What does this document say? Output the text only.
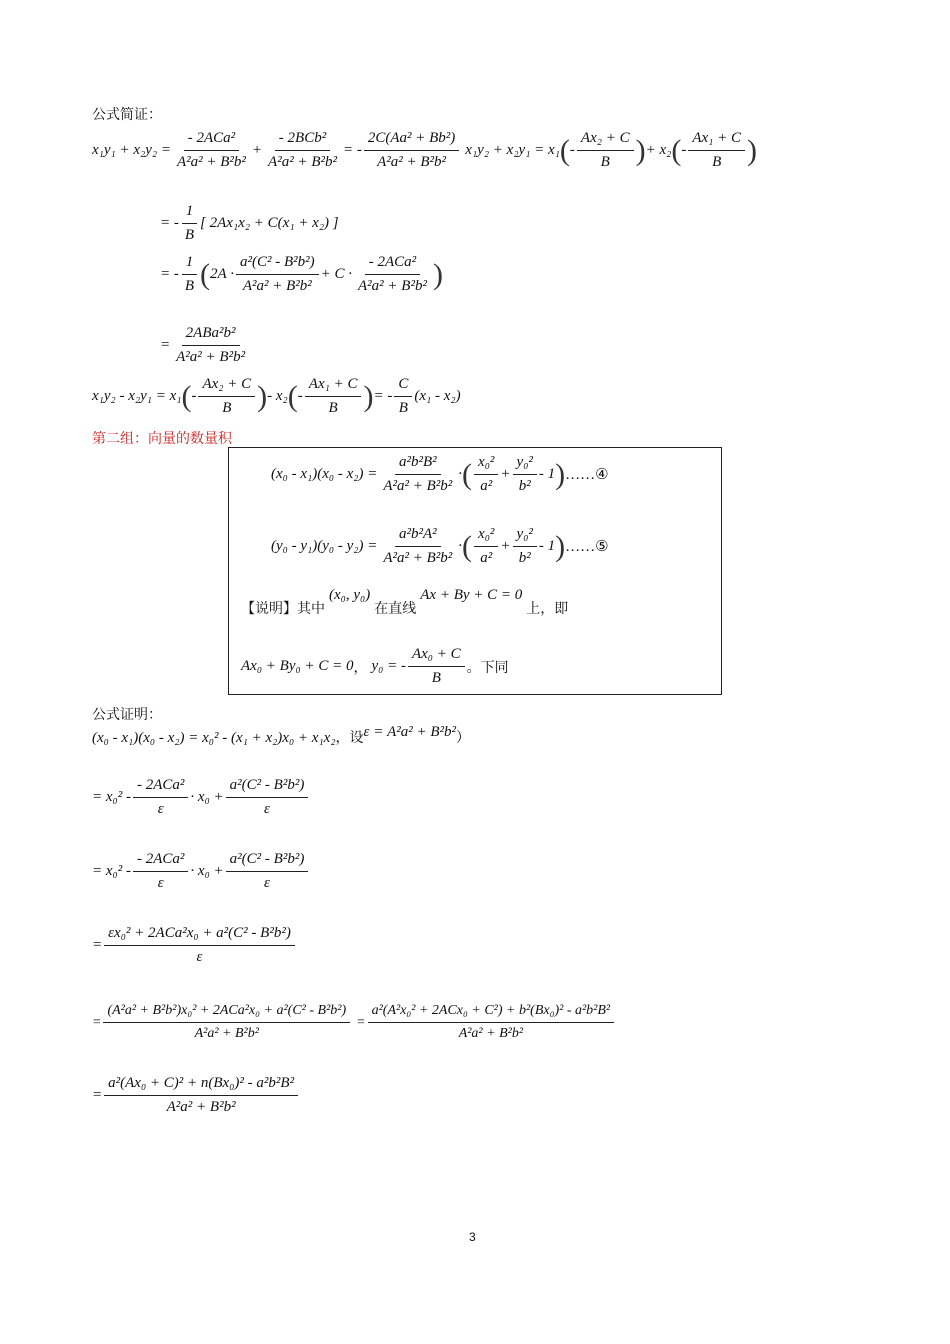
公式简证：
$x_1y_1 + x_2y_2 = \frac{\text{- 2ACa²}}{\text{A²a² + B²b²}} + \frac{\text{- 2BCb²}}{\text{A²a² + B²b²}}$ = - $\frac{\text{2C(Aa² + Bb²)}}{\text{A²a² + B²b²}} x_1y_2 + x_2y_1 = x_1$ ( - $\frac{\text{Ax₂ + C}}{B}$ ) + x₂ ( - $\frac{\text{Ax₁ + C}}{B}$ )
= - $\frac{1}{B}$ [ 2Ax₁x₂ + C(x₁ + x₂) ]
= - $\frac{1}{B}$ ( $2A \cdot \frac{\text{a²(C² - B²b²)}}{\text{A²a² + B²b²}} + C \cdot \frac{\text{- 2ACa²}}{\text{A²a² + B²b²}}$ )
= $\frac{\text{2ABa²b²}}{\text{A²a² + B²b²}}$
x₁y₂ - x₂y₁ = x₁ ( - $\frac{\text{Ax₂ + C}}{B}$ ) - x₂ ( - $\frac{\text{Ax₁ + C}}{B}$ ) = - $\frac{C}{B} (x_1 - x_2)$
第二组：向量的数量积
$(x_0 - x_1)(x_0 - x_2) = \frac{\text{a²b²B²}}{\text{A²a² + B²b²}}$ · ( $\frac{\text{x₀²}}{\text{a²}} + \frac{\text{y₀²}}{\text{b²}} - 1$ ) ……④
$(y_0 - y_1)(y_0 - y_2) = \frac{\text{a²b²A²}}{\text{A²a² + B²b²}}$ · ( $\frac{\text{x₀²}}{\text{a²}} + \frac{\text{y₀²}}{\text{b²}} - 1$ ) ……⑤
【说明】其中
(x₀, y₀)
在直线
Ax + By + C = 0
上，即
Ax₀ + By₀ + C = 0 ， y₀ = - $\frac{\text{Ax₀ + C}}{B}$ 。下同
公式证明：
(x₀ - x₁)(x₀ - x₂) = x₀² - (x₁ + x₂)x₀ + x₁x₂ ，设 ε = A²a² + B²b² ）
= $x_0^2 - \frac{\text{- 2ACa²}}{\varepsilon} \cdot x_0 + \frac{\text{a²(C² - B²b²)}}{\varepsilon}$
= $x_0^2 - \frac{\text{- 2ACa²}}{\varepsilon} \cdot x_0 + \frac{\text{a²(C² - B²b²)}}{\varepsilon}$
= $\frac{\text{εx₀² + 2ACa²x₀ + a²(C² - B²b²)}}{\varepsilon}$
= $\frac{\text{(A²a² + B²b²)x₀² + 2ACa²x₀ + a²(C² - B²b²)}}{\text{A²a² + B²b²}} = \frac{\text{a²(A²x₀² + 2ACx₀ + C²) + b²(Bx₀)² - a²b²B²}}{\text{A²a² + B²b²}}$
= $\frac{\text{a²(Ax₀ + C)² + n(Bx₀)² - a²b²B²}}{\text{A²a² + B²b²}}$
3
